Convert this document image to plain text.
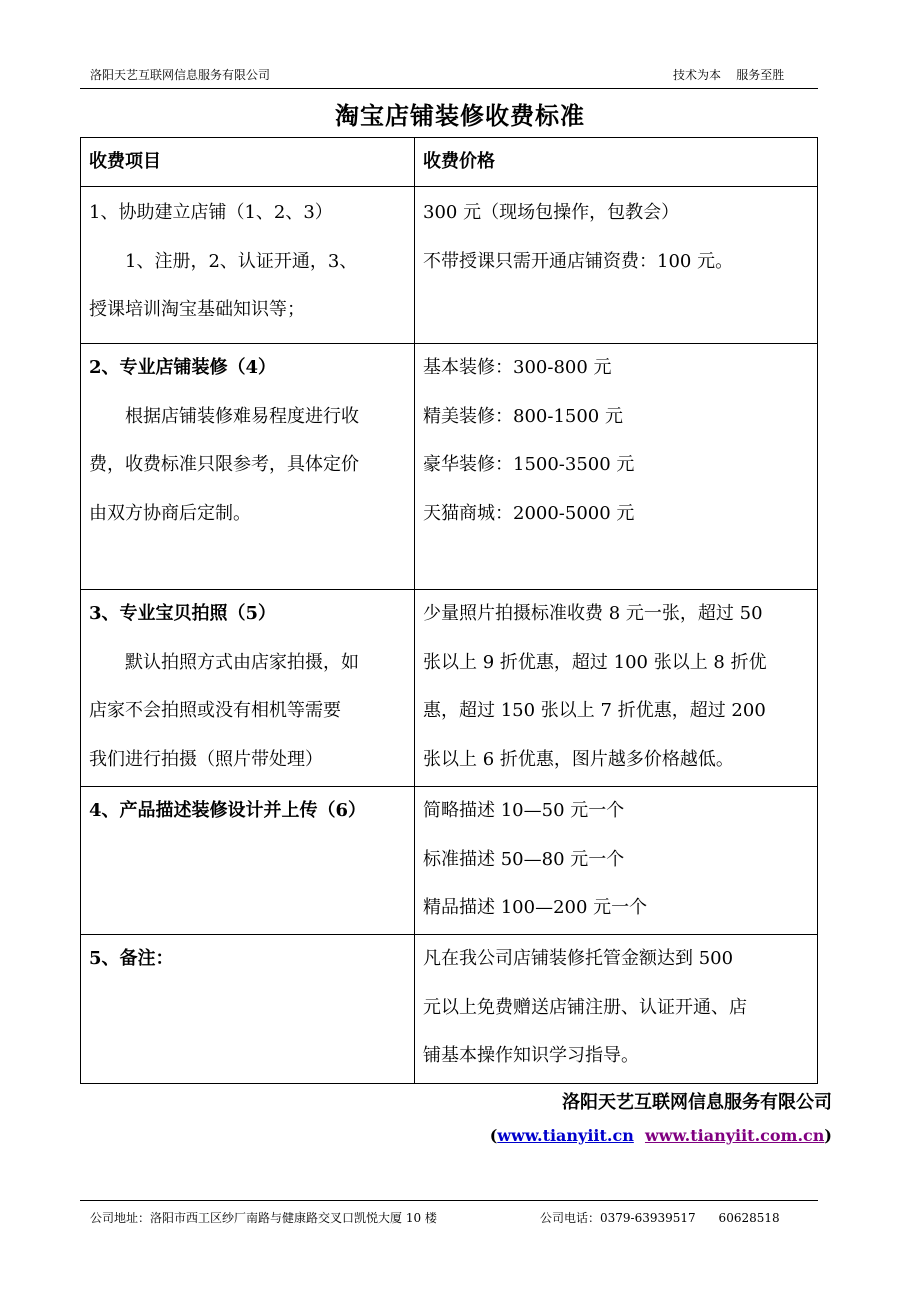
洛阳天艺互联网信息服务有限公司	技术为本    服务至胜
淘宝店铺装修收费标准
收费项目	收费价格

1、协助建立店铺（1、2、3）
1、注册，2、认证开通，3、
授课培训淘宝基础知识等；	300 元（现场包操作，包教会）
不带授课只需开通店铺资费：100 元。

2、专业店铺装修（4）
根据店铺装修难易程度进行收
费，收费标准只限参考，具体定价
由双方协商后定制。	基本装修：300-800 元
精美装修：800-1500 元
豪华装修：1500-3500 元
天猫商城：2000-5000 元

3、专业宝贝拍照（5）
默认拍照方式由店家拍摄，如
店家不会拍照或没有相机等需要
我们进行拍摄（照片带处理）	少量照片拍摄标准收费 8 元一张，超过 50
张以上 9 折优惠，超过 100 张以上 8 折优
惠，超过 150 张以上 7 折优惠，超过 200
张以上 6 折优惠，图片越多价格越低。

4、产品描述装修设计并上传（6）	简略描述 10—50 元一个
标准描述 50—80 元一个
精品描述 100—200 元一个

5、备注：	凡在我公司店铺装修托管金额达到 500
元以上免费赠送店铺注册、认证开通、店
铺基本操作知识学习指导。
洛阳天艺互联网信息服务有限公司
(www.tianyiit.cn www.tianyiit.com.cn)
公司地址：洛阳市西工区纱厂南路与健康路交叉口凯悦大厦 10 楼	公司电话：0379-63939517      60628518
